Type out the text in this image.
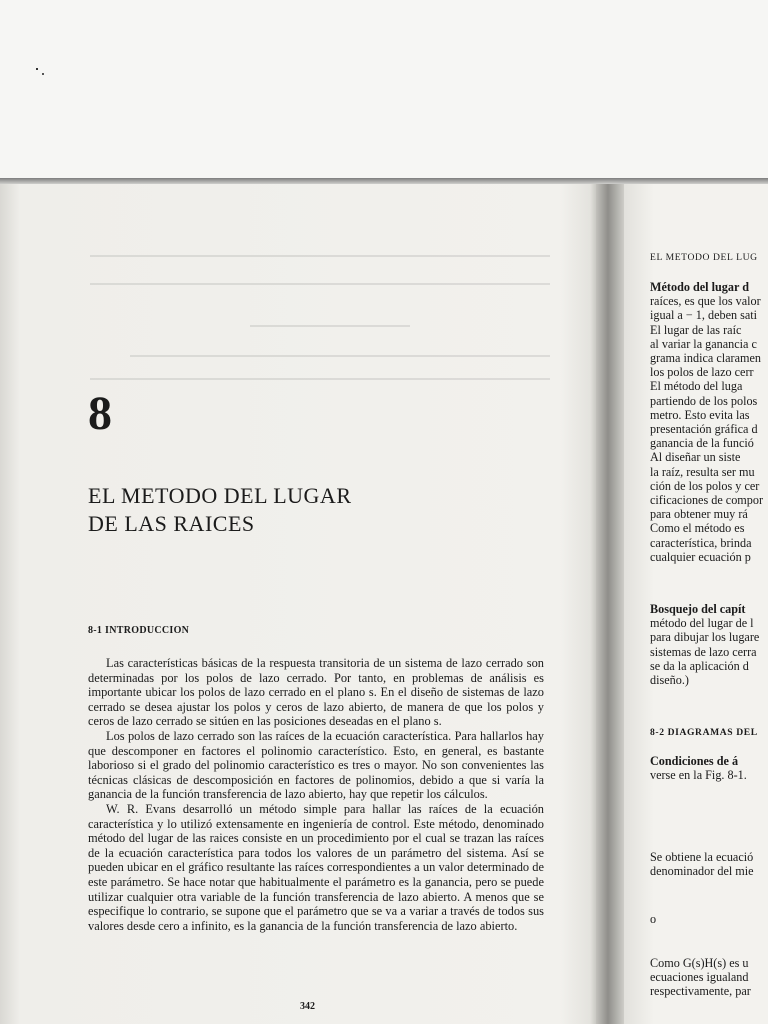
8
EL METODO DEL LUGAR
DE LAS RAICES
8-1 INTRODUCCION

Las características básicas de la respuesta transitoria de un sistema de lazo cerrado son determinadas por los polos de lazo cerrado. Por tanto, en problemas de análisis es importante ubicar los polos de lazo cerrado en el plano s. En el diseño de sistemas de lazo cerrado se desea ajustar los polos y ceros de lazo abierto, de manera de que los polos y ceros de lazo cerrado se sitúen en las posiciones deseadas en el plano s.

Los polos de lazo cerrado son las raíces de la ecuación característica. Para hallarlos hay que descomponer en factores el polinomio característico. Esto, en general, es bastante laborioso si el grado del polinomio característico es tres o mayor. No son convenientes las técnicas clásicas de descomposición en factores de polinomios, debido a que si varía la ganancia de la función transferencia de lazo abierto, hay que repetir los cálculos.

W. R. Evans desarrolló un método simple para hallar las raíces de la ecuación característica y lo utilizó extensamente en ingeniería de control. Este método, denominado método del lugar de las raices consiste en un procedimiento por el cual se trazan las raíces de la ecuación característica para todos los valores de un parámetro del sistema. Así se pueden ubicar en el gráfico resultante las raíces correspondientes a un valor determinado de este parámetro. Se hace notar que habitualmente el parámetro es la ganancia, pero se puede utilizar cualquier otra variable de la función transferencia de lazo abierto. A menos que se especifique lo contrario, se supone que el parámetro que se va a variar a través de todos sus valores desde cero a infinito, es la ganancia de la función transferencia de lazo abierto.

342
EL METODO DEL LUG
Método del lugar d
raíces, es que los valor
igual a − 1, deben sati
El lugar de las raíc
al variar la ganancia c
grama indica claramen
los polos de lazo cerr
El método del luga
partiendo de los polos
metro. Esto evita las
presentación gráfica d
ganancia de la funció
Al diseñar un siste
la raíz, resulta ser mu
ción de los polos y cer
cificaciones de compor
para obtener muy rá
Como el método es
característica, brinda
cualquier ecuación p
Bosquejo del capít
método del lugar de l
para dibujar los lugare
sistemas de lazo cerra
se da la aplicación d
diseño.)
8-2 DIAGRAMAS DEL
Condiciones de á
verse en la Fig. 8-1.
Se obtiene la ecuació
denominador del mie
o
Como G(s)H(s) es u
ecuaciones igualand
respectivamente, par
